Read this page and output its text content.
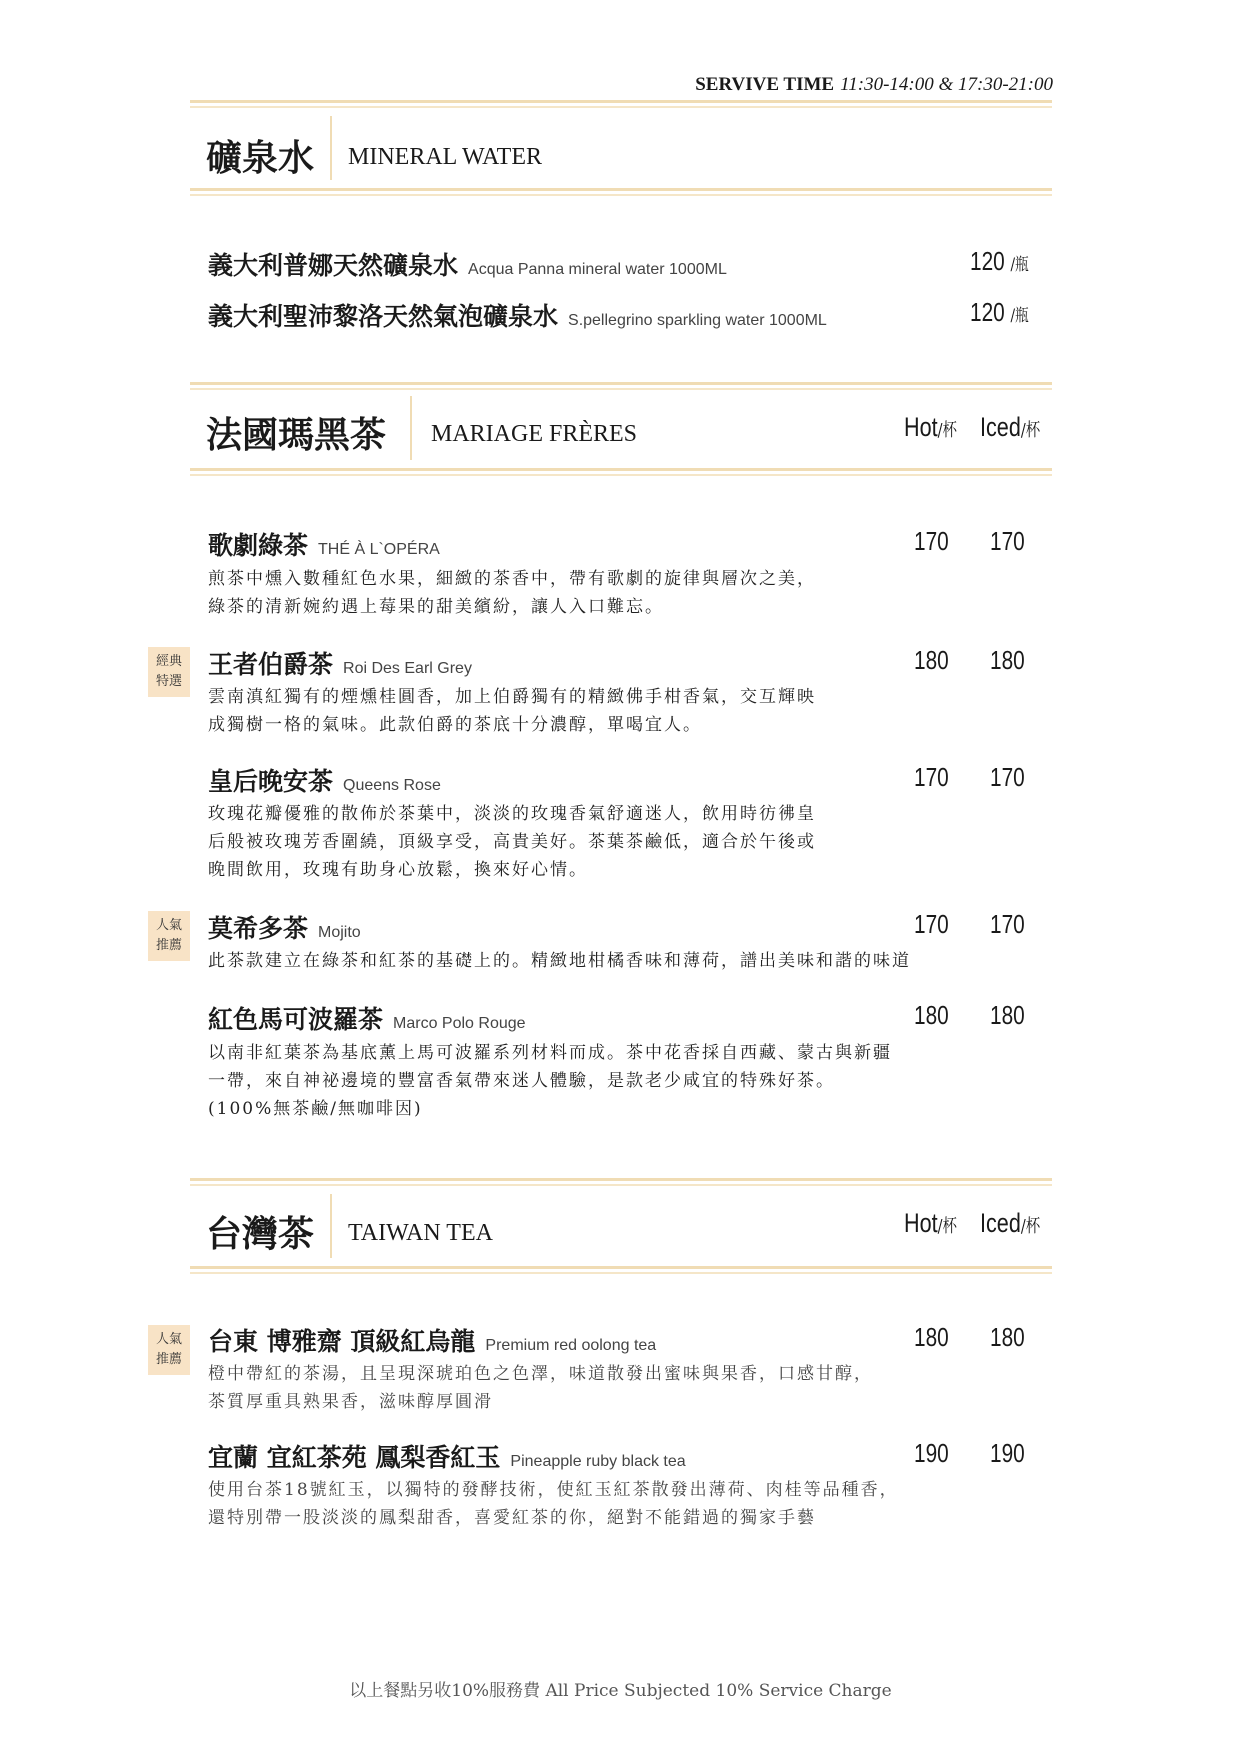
SERVIVE TIME 11:30-14:00 & 17:30-21:00
礦泉水 MINERAL WATER
義大利普娜天然礦泉水 Acqua Panna mineral water 1000ML	120 /瓶
義大利聖沛黎洛天然氣泡礦泉水 S.pellegrino sparkling water 1000ML	120 /瓶
法國瑪黑茶 MARIAGE FRÈRES	Hot/杯 Iced/杯
歌劇綠茶 THÉ À L`OPÉRA	170 170
煎茶中燻入數種紅色水果，細緻的茶香中，帶有歌劇的旋律與層次之美，
綠茶的清新婉約遇上莓果的甜美繽紛，讓人入口難忘。
經典
特選
王者伯爵茶 Roi Des Earl Grey	180 180
雲南滇紅獨有的煙燻桂圓香，加上伯爵獨有的精緻佛手柑香氣，交互輝映
成獨樹一格的氣味。此款伯爵的茶底十分濃醇，單喝宜人。
皇后晚安茶 Queens Rose	170 170
玫瑰花瓣優雅的散佈於茶葉中，淡淡的玫瑰香氣舒適迷人，飲用時彷彿皇
后般被玫瑰芳香圍繞，頂級享受，高貴美好。茶葉茶鹼低，適合於午後或
晚間飲用，玫瑰有助身心放鬆，換來好心情。
人氣
推薦
莫希多茶 Mojito	170 170
此茶款建立在綠茶和紅茶的基礎上的。精緻地柑橘香味和薄荷，譜出美味和諧的味道
紅色馬可波羅茶 Marco Polo Rouge	180 180
以南非紅葉茶為基底薰上馬可波羅系列材料而成。茶中花香採自西藏、蒙古與新疆
一帶，來自神祕邊境的豐富香氣帶來迷人體驗，是款老少咸宜的特殊好茶。
(100%無茶鹼/無咖啡因)
台灣茶 TAIWAN TEA	Hot/杯 Iced/杯
人氣
推薦
台東 博雅齋 頂級紅烏龍 Premium red oolong tea	180 180
橙中帶紅的茶湯，且呈現深琥珀色之色澤，味道散發出蜜味與果香，口感甘醇，
茶質厚重具熟果香，滋味醇厚圓滑
宜蘭 宜紅茶苑 鳳梨香紅玉 Pineapple ruby black tea	190 190
使用台茶18號紅玉，以獨特的發酵技術，使紅玉紅茶散發出薄荷、肉桂等品種香，
還特別帶一股淡淡的鳳梨甜香，喜愛紅茶的你，絕對不能錯過的獨家手藝
以上餐點另收10%服務費 All Price Subjected 10% Service Charge
